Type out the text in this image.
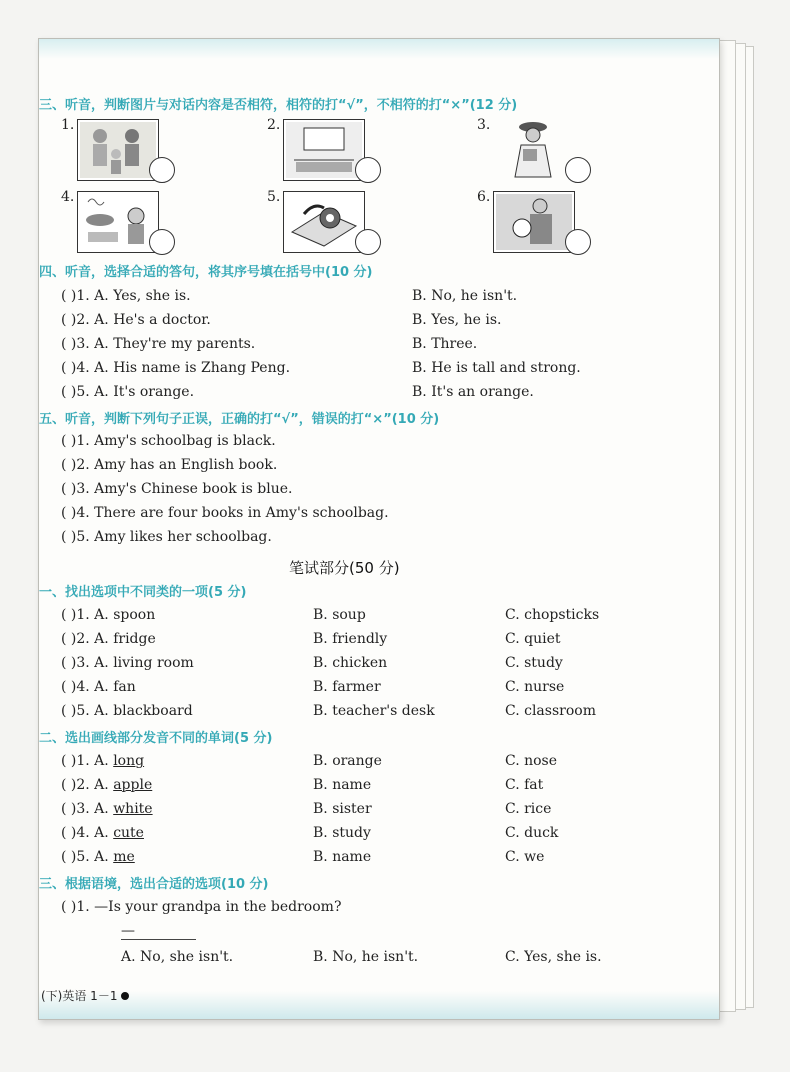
三、听音，判断图片与对话内容是否相符，相符的打“√”，不相符的打“×”(12 分)
1.	2.	3.
4.	5.	6.
四、听音，选择合适的答句，将其序号填在括号中(10 分)
( )1. A. Yes, she is.	B. No, he isn't.
( )2. A. He's a doctor.	B. Yes, he is.
( )3. A. They're my parents.	B. Three.
( )4. A. His name is Zhang Peng.	B. He is tall and strong.
( )5. A. It's orange.	B. It's an orange.
五、听音，判断下列句子正误，正确的打“√”，错误的打“×”(10 分)
( )1. Amy's schoolbag is black.
( )2. Amy has an English book.
( )3. Amy's Chinese book is blue.
( )4. There are four books in Amy's schoolbag.
( )5. Amy likes her schoolbag.
笔试部分(50 分)
一、找出选项中不同类的一项(5 分)
( )1. A. spoon	B. soup	C. chopsticks
( )2. A. fridge	B. friendly	C. quiet
( )3. A. living room	B. chicken	C. study
( )4. A. fan	B. farmer	C. nurse
( )5. A. blackboard	B. teacher's desk	C. classroom
二、选出画线部分发音不同的单词(5 分)
( )1. A. long	B. orange	C. nose
( )2. A. apple	B. name	C. fat
( )3. A. white	B. sister	C. rice
( )4. A. cute	B. study	C. duck
( )5. A. me	B. name	C. we
三、根据语境，选出合适的选项(10 分)
( )1. —Is your grandpa in the bedroom?
—
A. No, she isn't.	B. No, he isn't.	C. Yes, she is.
(下)英语 1－1
